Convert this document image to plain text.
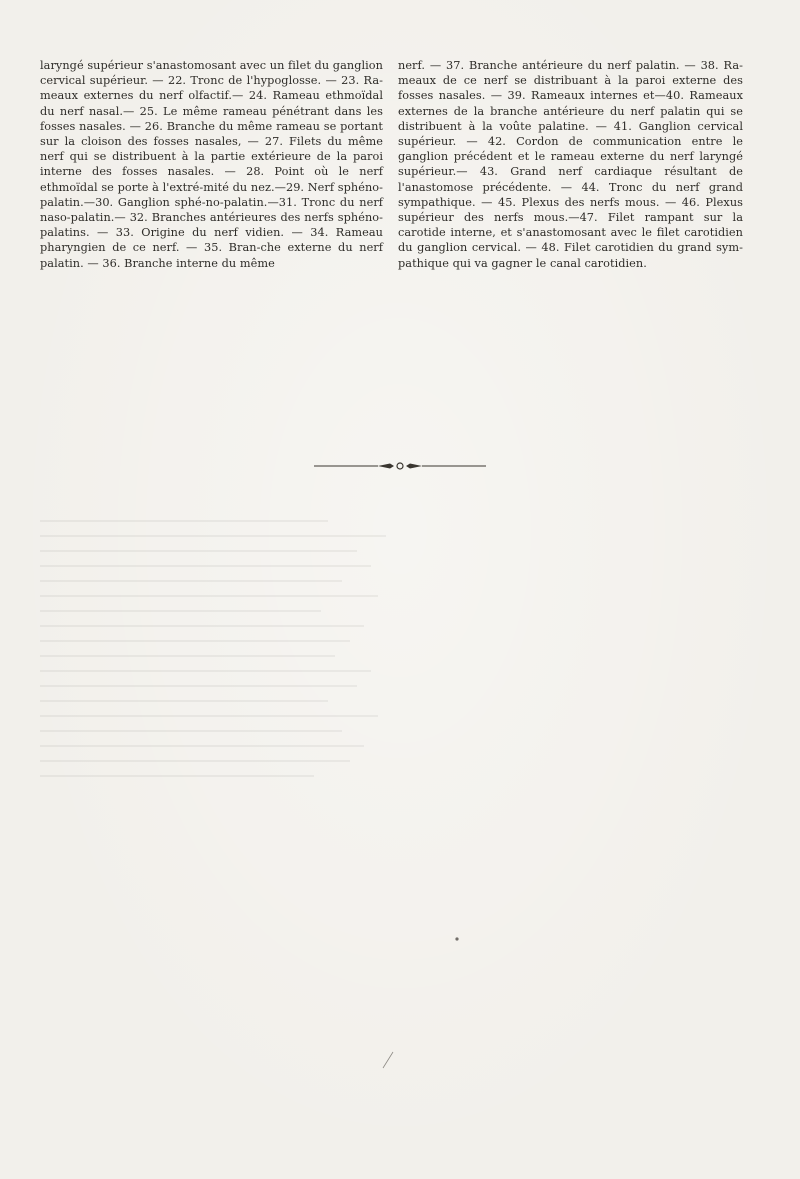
laryngé supérieur s'anastomosant avec un filet du ganglion cervical supérieur. — 22. Tronc de l'hypoglosse. — 23. Ra-meaux externes du nerf olfactif.— 24. Rameau ethmoïdal du nerf nasal.— 25. Le même rameau pénétrant dans les fosses nasales. — 26. Branche du même rameau se portant sur la cloison des fosses nasales, — 27. Filets du même nerf qui se distribuent à la partie extérieure de la paroi interne des fosses nasales. — 28. Point où le nerf ethmoïdal se porte à l'extré-mité du nez.—29. Nerf sphéno-palatin.—30. Ganglion sphé-no-palatin.—31. Tronc du nerf naso-palatin.— 32. Branches antérieures des nerfs sphéno-palatins. — 33. Origine du nerf vidien. — 34. Rameau pharyngien de ce nerf. — 35. Bran-che externe du nerf palatin. — 36. Branche interne du même
nerf. — 37. Branche antérieure du nerf palatin. — 38. Ra-meaux de ce nerf se distribuant à la paroi externe des fosses nasales. — 39. Rameaux internes et—40. Rameaux externes de la branche antérieure du nerf palatin qui se distribuent à la voûte palatine. — 41. Ganglion cervical supérieur. — 42. Cordon de communication entre le ganglion précédent et le rameau externe du nerf laryngé supérieur.— 43. Grand nerf cardiaque résultant de l'anastomose précédente. — 44. Tronc du nerf grand sympathique. — 45. Plexus des nerfs mous. — 46. Plexus supérieur des nerfs mous.—47. Filet rampant sur la carotide interne, et s'anastomosant avec le filet carotidien du ganglion cervical. — 48. Filet carotidien du grand sym-pathique qui va gagner le canal carotidien.
